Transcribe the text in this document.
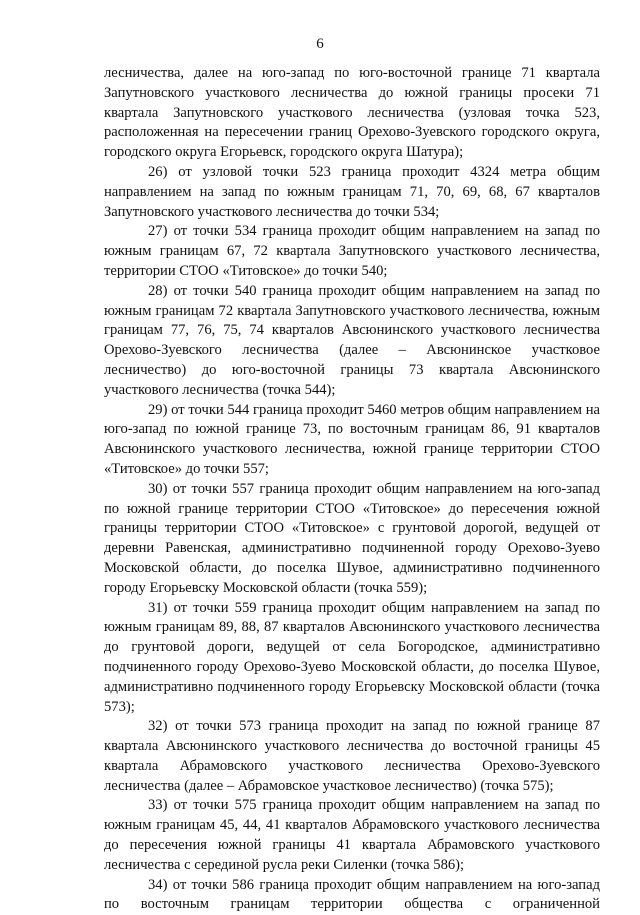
6

лесничества, далее на юго-запад по юго-восточной границе 71 квартала Запутновского участкового лесничества до южной границы просеки 71 квартала Запутновского участкового лесничества (узловая точка 523, расположенная на пересечении границ Орехово-Зуевского городского округа, городского округа Егорьевск, городского округа Шатура);

26) от узловой точки 523 граница проходит 4324 метра общим направлением на запад по южным границам 71, 70, 69, 68, 67 кварталов Запутновского участкового лесничества до точки 534;

27) от точки 534 граница проходит общим направлением на запад по южным границам 67, 72 квартала Запутновского участкового лесничества, территории СТОО «Титовское» до точки 540;

28) от точки 540 граница проходит общим направлением на запад по южным границам 72 квартала Запутновского участкового лесничества, южным границам 77, 76, 75, 74 кварталов Авсюнинского участкового лесничества Орехово-Зуевского лесничества (далее – Авсюнинское участковое лесничество) до юго-восточной границы 73 квартала Авсюнинского участкового лесничества (точка 544);

29) от точки 544 граница проходит 5460 метров общим направлением на юго-запад по южной границе 73, по восточным границам 86, 91 кварталов Авсюнинского участкового лесничества, южной границе территории СТОО «Титовское» до точки 557;

30) от точки 557 граница проходит общим направлением на юго-запад по южной границе территории СТОО «Титовское» до пересечения южной границы территории СТОО «Титовское» с грунтовой дорогой, ведущей от деревни Равенская, административно подчиненной городу Орехово-Зуево Московской области, до поселка Шувое, административно подчиненного городу Егорьевску Московской области (точка 559);

31) от точки 559 граница проходит общим направлением на запад по южным границам 89, 88, 87 кварталов Авсюнинского участкового лесничества до грунтовой дороги, ведущей от села Богородское, административно подчиненного городу Орехово-Зуево Московской области, до поселка Шувое, административно подчиненного городу Егорьевску Московской области (точка 573);

32) от точки 573 граница проходит на запад по южной границе 87 квартала Авсюнинского участкового лесничества до восточной границы 45 квартала Абрамовского участкового лесничества Орехово-Зуевского лесничества (далее – Абрамовское участковое лесничество) (точка 575);

33) от точки 575 граница проходит общим направлением на запад по южным границам 45, 44, 41 кварталов Абрамовского участкового лесничества до пересечения южной границы 41 квартала Абрамовского участкового лесничества с серединой русла реки Силенки (точка 586);

34) от точки 586 граница проходит общим направлением на юго-запад по восточным границам территории общества с ограниченной
